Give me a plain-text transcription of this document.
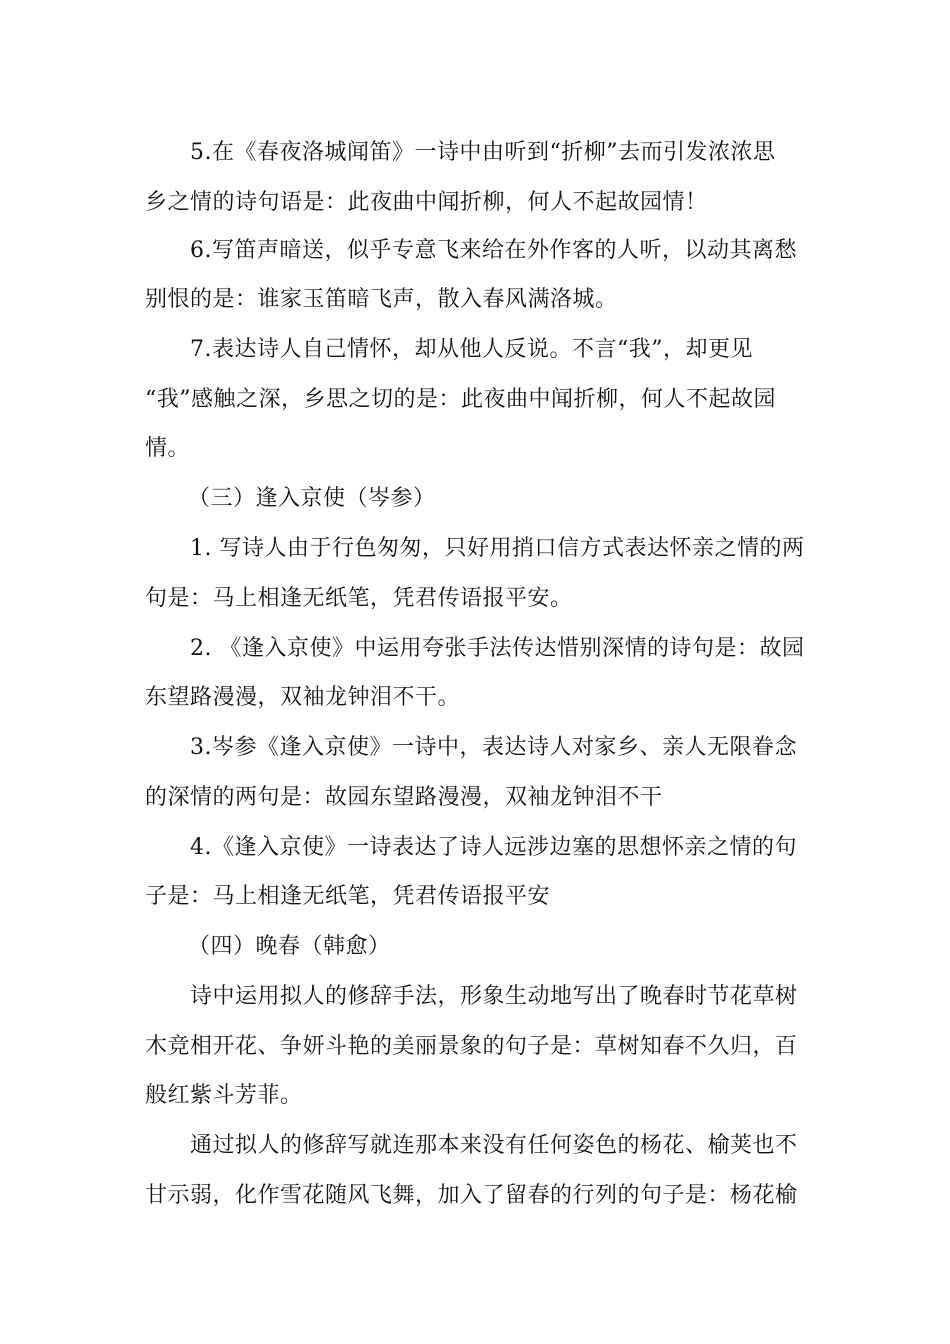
5.在《春夜洛城闻笛》一诗中由听到“折柳”去而引发浓浓思
乡之情的诗句语是：此夜曲中闻折柳，何人不起故园情！
6.写笛声暗送，似乎专意飞来给在外作客的人听，以动其离愁
别恨的是：谁家玉笛暗飞声，散入春风满洛城。
7.表达诗人自己情怀，却从他人反说。不言“我”，却更见
“我”感触之深，乡思之切的是：此夜曲中闻折柳，何人不起故园
情。
（三）逢入京使（岑参）
1. 写诗人由于行色匆匆，只好用捎口信方式表达怀亲之情的两
句是：马上相逢无纸笔，凭君传语报平安。
2. 《逢入京使》中运用夸张手法传达惜别深情的诗句是：故园
东望路漫漫，双袖龙钟泪不干。
3.岑参《逢入京使》一诗中，表达诗人对家乡、亲人无限眷念
的深情的两句是：故园东望路漫漫，双袖龙钟泪不干
4.《逢入京使》一诗表达了诗人远涉边塞的思想怀亲之情的句
子是：马上相逢无纸笔，凭君传语报平安
（四）晚春（韩愈）
诗中运用拟人的修辞手法，形象生动地写出了晚春时节花草树
木竞相开花、争妍斗艳的美丽景象的句子是：草树知春不久归，百
般红紫斗芳菲。
通过拟人的修辞写就连那本来没有任何姿色的杨花、榆荚也不
甘示弱，化作雪花随风飞舞，加入了留春的行列的句子是：杨花榆
